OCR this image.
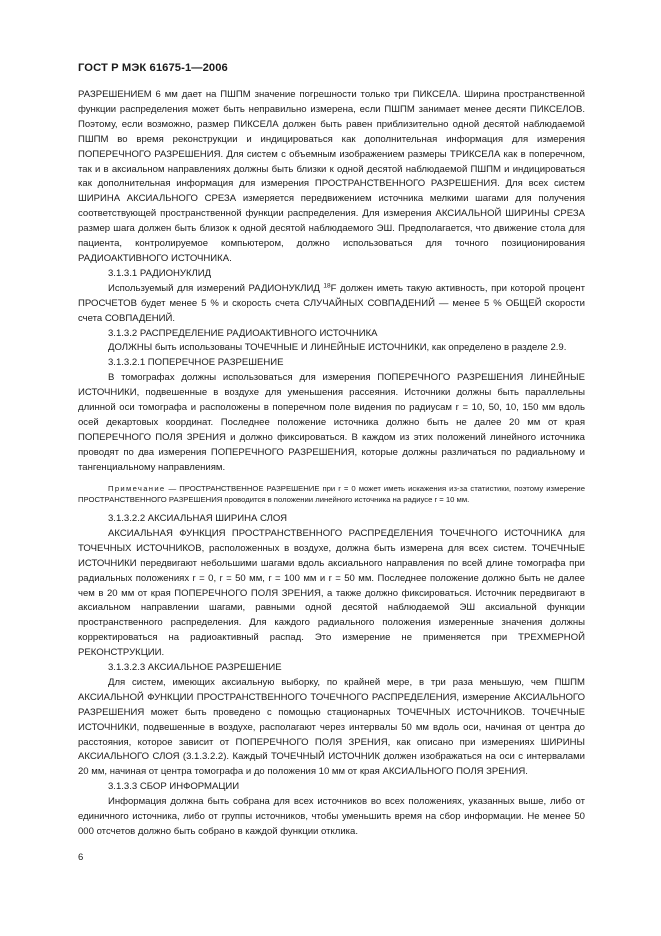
ГОСТ Р МЭК 61675-1—2006

РАЗРЕШЕНИЕМ 6 мм дает на ПШПМ значение погрешности только три ПИКСЕЛА. Ширина пространственной функции распределения может быть неправильно измерена, если ПШПМ занимает менее десяти ПИКСЕЛОВ. Поэтому, если возможно, размер ПИКСЕЛА должен быть равен приблизительно одной десятой наблюдаемой ПШПМ во время реконструкции и индицироваться как дополнительная информация для измерения ПОПЕРЕЧНОГО РАЗРЕШЕНИЯ. Для систем с объемным изображением размеры ТРИКСЕЛА как в поперечном, так и в аксиальном направлениях должны быть близки к одной десятой наблюдаемой ПШПМ и индицироваться как дополнительная информация для измерения ПРОСТРАНСТВЕННОГО РАЗРЕШЕНИЯ. Для всех систем ШИРИНА АКСИАЛЬНОГО СРЕЗА измеряется передвижением источника мелкими шагами для получения соответствующей пространственной функции распределения. Для измерения АКСИАЛЬНОЙ ШИРИНЫ СРЕЗА размер шага должен быть близок к одной десятой наблюдаемого ЭШ. Предполагается, что движение стола для пациента, контролируемое компьютером, должно использоваться для точного позиционирования РАДИОАКТИВНОГО ИСТОЧНИКА.

3.1.3.1 РАДИОНУКЛИД

Используемый для измерений РАДИОНУКЛИД $^{18}$F должен иметь такую активность, при которой процент ПРОСЧЕТОВ будет менее 5 % и скорость счета СЛУЧАЙНЫХ СОВПАДЕНИЙ — менее 5 % ОБЩЕЙ скорости счета СОВПАДЕНИЙ.

3.1.3.2 РАСПРЕДЕЛЕНИЕ РАДИОАКТИВНОГО ИСТОЧНИКА

ДОЛЖНЫ быть использованы ТОЧЕЧНЫЕ И ЛИНЕЙНЫЕ ИСТОЧНИКИ, как определено в разделе 2.9.

3.1.3.2.1 ПОПЕРЕЧНОЕ РАЗРЕШЕНИЕ

В томографах должны использоваться для измерения ПОПЕРЕЧНОГО РАЗРЕШЕНИЯ ЛИНЕЙНЫЕ ИСТОЧНИКИ, подвешенные в воздухе для уменьшения рассеяния. Источники должны быть параллельны длинной оси томографа и расположены в поперечном поле видения по радиусам r = 10, 50, 10, 150 мм вдоль осей декартовых координат. Последнее положение источника должно быть не далее 20 мм от края ПОПЕРЕЧНОГО ПОЛЯ ЗРЕНИЯ и должно фиксироваться. В каждом из этих положений линейного источника проводят по два измерения ПОПЕРЕЧНОГО РАЗРЕШЕНИЯ, которые должны различаться по радиальному и тангенциальному направлениям.

Примечание — ПРОСТРАНСТВЕННОЕ РАЗРЕШЕНИЕ при r = 0 может иметь искажения из-за статистики, поэтому измерение ПРОСТРАНСТВЕННОГО РАЗРЕШЕНИЯ проводится в положении линейного источника на радиусе r = 10 мм.

3.1.3.2.2 АКСИАЛЬНАЯ ШИРИНА СЛОЯ

АКСИАЛЬНАЯ ФУНКЦИЯ ПРОСТРАНСТВЕННОГО РАСПРЕДЕЛЕНИЯ ТОЧЕЧНОГО ИСТОЧНИКА для ТОЧЕЧНЫХ ИСТОЧНИКОВ, расположенных в воздухе, должна быть измерена для всех систем. ТОЧЕЧНЫЕ ИСТОЧНИКИ передвигают небольшими шагами вдоль аксиального направления по всей длине томографа при радиальных положениях r = 0, r = 50 мм, r = 100 мм и r = 50 мм. Последнее положение должно быть не далее чем в 20 мм от края ПОПЕРЕЧНОГО ПОЛЯ ЗРЕНИЯ, а также должно фиксироваться. Источник передвигают в аксиальном направлении шагами, равными одной десятой наблюдаемой ЭШ аксиальной функции пространственного распределения. Для каждого радиального положения измеренные значения должны корректироваться на радиоактивный распад. Это измерение не применяется при ТРЕХМЕРНОЙ РЕКОНСТРУКЦИИ.

3.1.3.2.3 АКСИАЛЬНОЕ РАЗРЕШЕНИЕ

Для систем, имеющих аксиальную выборку, по крайней мере, в три раза меньшую, чем ПШПМ АКСИАЛЬНОЙ ФУНКЦИИ ПРОСТРАНСТВЕННОГО ТОЧЕЧНОГО РАСПРЕДЕЛЕНИЯ, измерение АКСИАЛЬНОГО РАЗРЕШЕНИЯ может быть проведено с помощью стационарных ТОЧЕЧНЫХ ИСТОЧНИКОВ. ТОЧЕЧНЫЕ ИСТОЧНИКИ, подвешенные в воздухе, располагают через интервалы 50 мм вдоль оси, начиная от центра до расстояния, которое зависит от ПОПЕРЕЧНОГО ПОЛЯ ЗРЕНИЯ, как описано при измерениях ШИРИНЫ АКСИАЛЬНОГО СЛОЯ (3.1.3.2.2). Каждый ТОЧЕЧНЫЙ ИСТОЧНИК должен изображаться на оси с интервалами 20 мм, начиная от центра томографа и до положения 10 мм от края АКСИАЛЬНОГО ПОЛЯ ЗРЕНИЯ.

3.1.3.3 СБОР ИНФОРМАЦИИ

Информация должна быть собрана для всех источников во всех положениях, указанных выше, либо от единичного источника, либо от группы источников, чтобы уменьшить время на сбор информации. Не менее 50 000 отсчетов должно быть собрано в каждой функции отклика.

6
